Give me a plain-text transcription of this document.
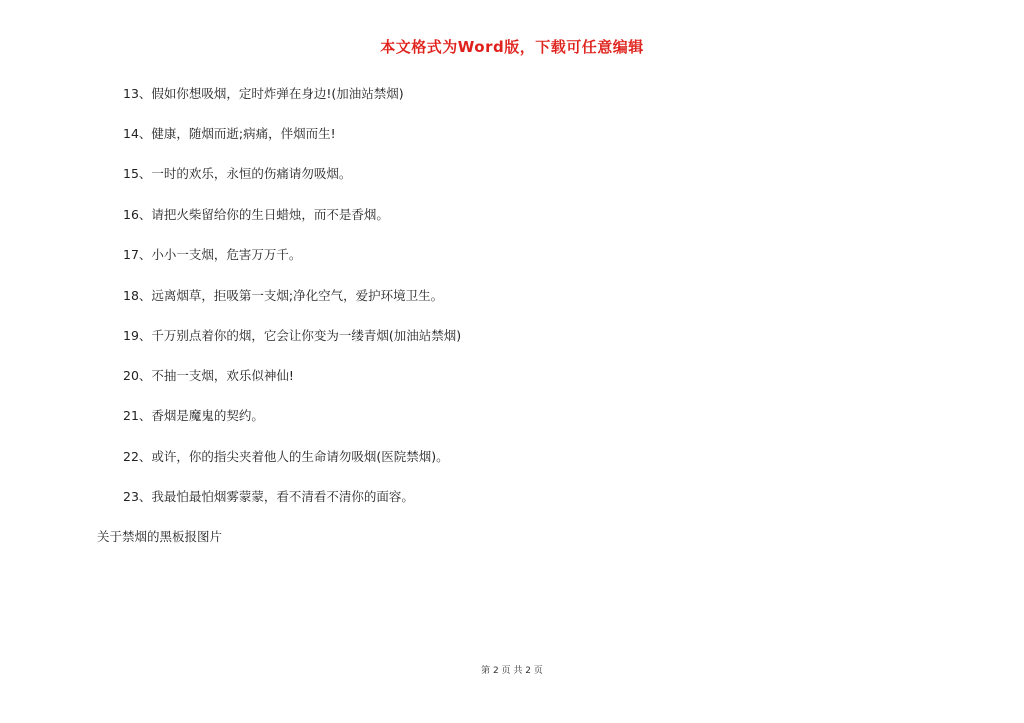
本文格式为Word版，下载可任意编辑
13、假如你想吸烟，定时炸弹在身边!(加油站禁烟)
14、健康，随烟而逝;病痛，伴烟而生!
15、一时的欢乐，永恒的伤痛请勿吸烟。
16、请把火柴留给你的生日蜡烛，而不是香烟。
17、小小一支烟，危害万万千。
18、远离烟草，拒吸第一支烟;净化空气，爱护环境卫生。
19、千万别点着你的烟，它会让你变为一缕青烟(加油站禁烟)
20、不抽一支烟，欢乐似神仙!
21、香烟是魔鬼的契约。
22、或许，你的指尖夹着他人的生命请勿吸烟(医院禁烟)。
23、我最怕最怕烟雾蒙蒙，看不清看不清你的面容。
关于禁烟的黑板报图片
第 2 页 共 2 页
